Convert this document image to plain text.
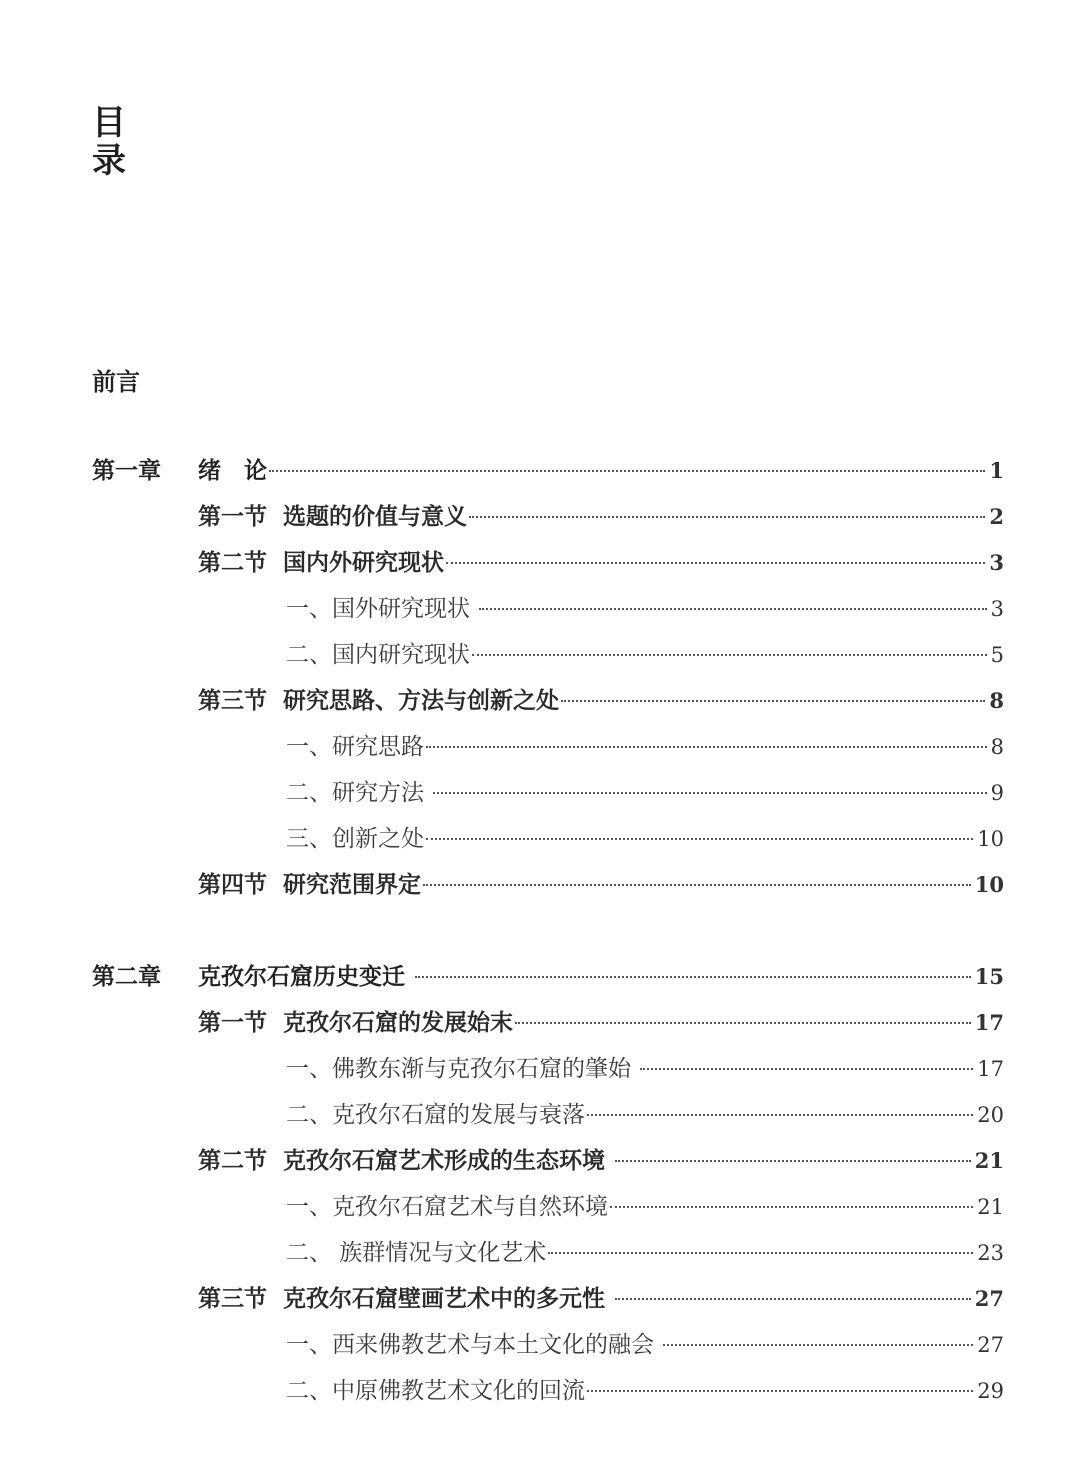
目
录
前言
第一章 绪　论	1
第一节  选题的价值与意义	2
第二节  国内外研究现状	3
一、国外研究现状	3
二、国内研究现状	5
第三节  研究思路、方法与创新之处	8
一、研究思路	8
二、研究方法	9
三、创新之处	10
第四节  研究范围界定	10
第二章 克孜尔石窟历史变迁	15
第一节  克孜尔石窟的发展始末	17
一、佛教东渐与克孜尔石窟的肇始	17
二、克孜尔石窟的发展与衰落	20
第二节  克孜尔石窟艺术形成的生态环境	21
一、克孜尔石窟艺术与自然环境	21
二、 族群情况与文化艺术	23
第三节  克孜尔石窟壁画艺术中的多元性	27
一、西来佛教艺术与本土文化的融会	27
二、中原佛教艺术文化的回流	29
